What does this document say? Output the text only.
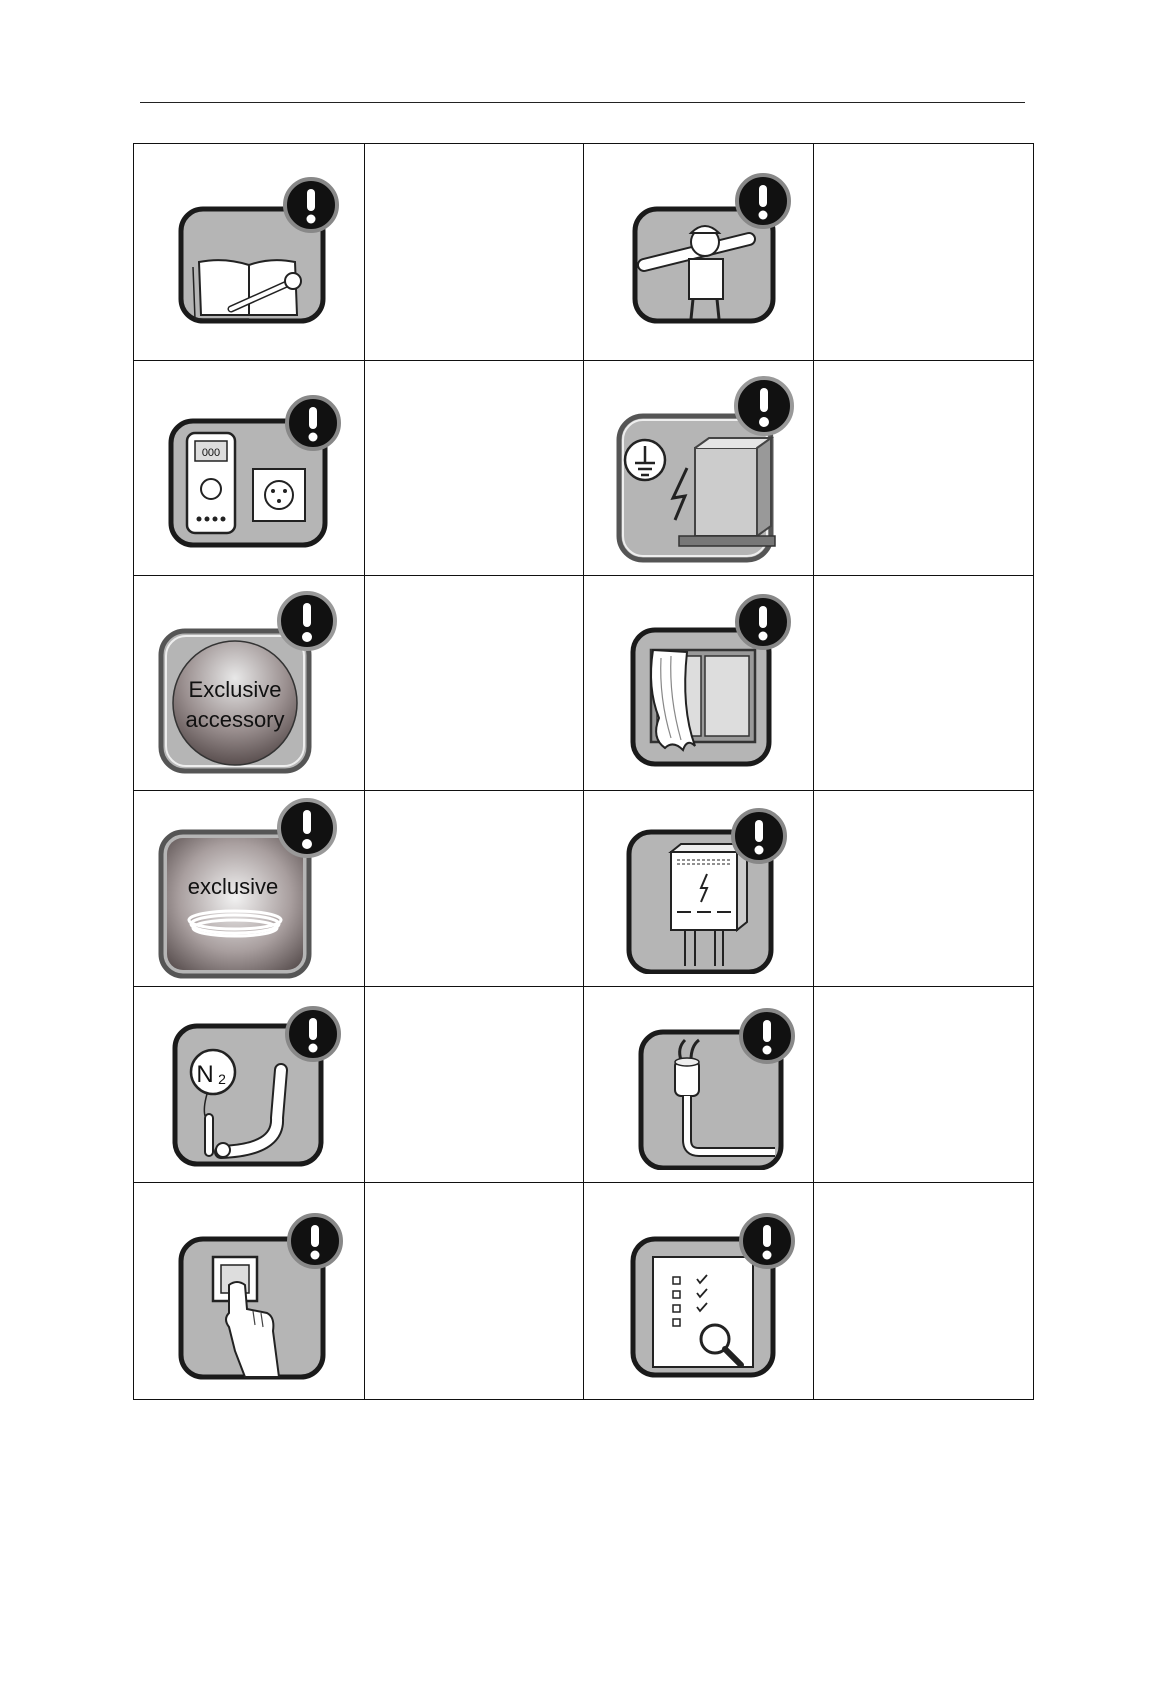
000

Exclusive
accessory

exclusive

N 2
